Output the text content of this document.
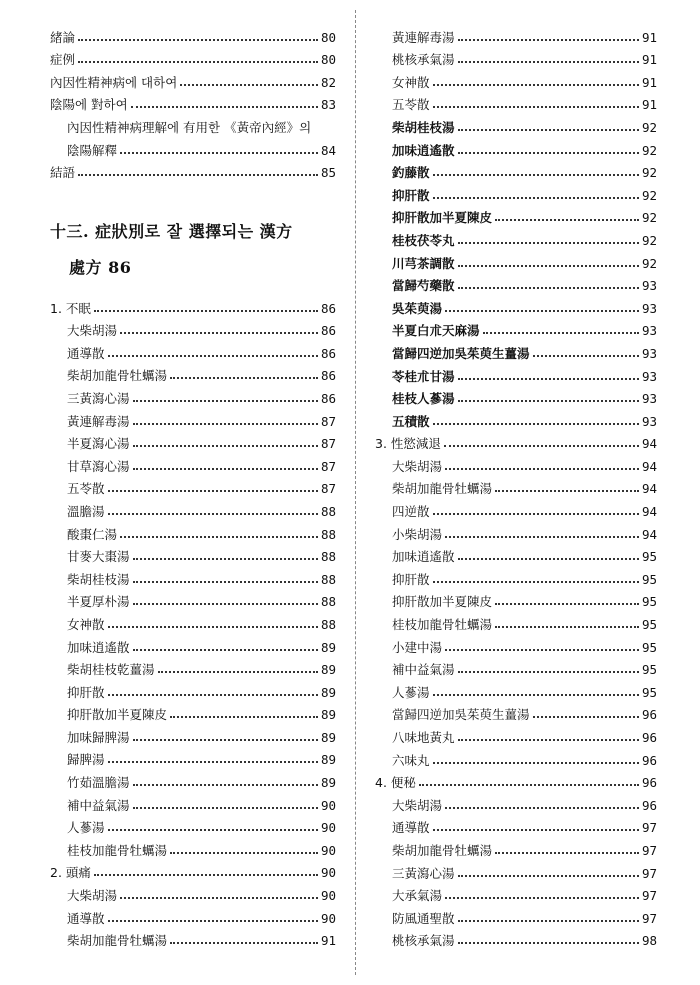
緒論	80
症例	80
內因性精神病에 대하여	82
陰陽에 對하여	83
內因性精神病理解에 有用한 《黃帝內經》의
陰陽解釋	84
結語	85
十三. 症狀別로 잘 選擇되는 漢方
處方 86
1. 不眠	86
大柴胡湯	86
通導散	86
柴胡加龍骨牡蠣湯	86
三黃瀉心湯	86
黃連解毒湯	87
半夏瀉心湯	87
甘草瀉心湯	87
五苓散	87
溫膽湯	88
酸棗仁湯	88
甘麥大棗湯	88
柴胡桂枝湯	88
半夏厚朴湯	88
女神散	88
加味逍遙散	89
柴胡桂枝乾薑湯	89
抑肝散	89
抑肝散加半夏陳皮	89
加味歸脾湯	89
歸脾湯	89
竹茹溫膽湯	89
補中益氣湯	90
人蔘湯	90
桂枝加龍骨牡蠣湯	90
2. 頭痛	90
大柴胡湯	90
通導散	90
柴胡加龍骨牡蠣湯	91
黃連解毒湯	91
桃核承氣湯	91
女神散	91
五苓散	91
柴胡桂枝湯	92
加味逍遙散	92
釣藤散	92
抑肝散	92
抑肝散加半夏陳皮	92
桂枝茯苓丸	92
川芎茶調散	92
當歸芍藥散	93
吳茱萸湯	93
半夏白朮天麻湯	93
當歸四逆加吳茱萸生薑湯	93
苓桂朮甘湯	93
桂枝人蔘湯	93
五積散	93
3. 性慾減退	94
大柴胡湯	94
柴胡加龍骨牡蠣湯	94
四逆散	94
小柴胡湯	94
加味逍遙散	95
抑肝散	95
抑肝散加半夏陳皮	95
桂枝加龍骨牡蠣湯	95
小建中湯	95
補中益氣湯	95
人蔘湯	95
當歸四逆加吳茱萸生薑湯	96
八味地黃丸	96
六味丸	96
4. 便秘	96
大柴胡湯	96
通導散	97
柴胡加龍骨牡蠣湯	97
三黃瀉心湯	97
大承氣湯	97
防風通聖散	97
桃核承氣湯	98
